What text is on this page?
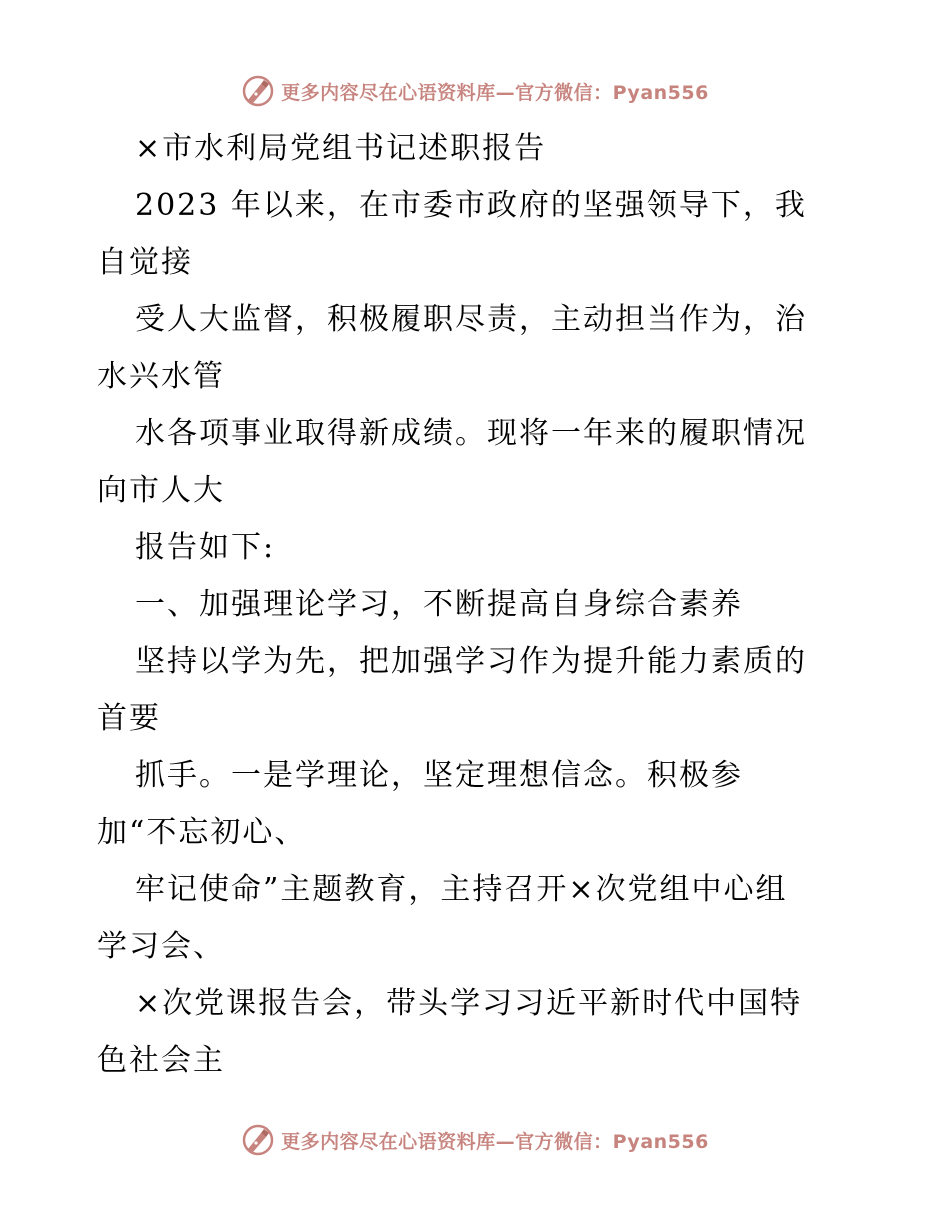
更多内容尽在心语资料库—官方微信：Pyan556
×市水利局党组书记述职报告
2023 年以来，在市委市政府的坚强领导下，我
自觉接
受人大监督，积极履职尽责，主动担当作为，治
水兴水管
水各项事业取得新成绩。现将一年来的履职情况
向市人大
报告如下:
一、加强理论学习，不断提高自身综合素养
坚持以学为先，把加强学习作为提升能力素质的
首要
抓手。一是学理论，坚定理想信念。积极参
加“不忘初心、
牢记使命”主题教育，主持召开×次党组中心组
学习会、
×次党课报告会，带头学习习近平新时代中国特
色社会主
更多内容尽在心语资料库—官方微信：Pyan556
